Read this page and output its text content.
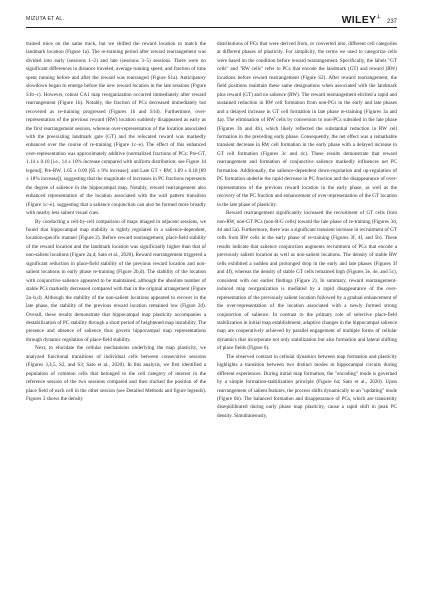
MIZUTA ET AL.	WILEY⊥
237

trained mice on the same track, but we shifted the reward location to match the landmark location (Figure 1a). The re-training period after reward rearrangement was divided into early (sessions 1–2) and late (sessions 3–5) sessions. There were no significant differences in distance traveled, average running speed, and fraction of time spent running before and after the reward was rearranged (Figure S1a). Anticipatory slowdown began to emerge before the new reward location in the late sessions (Figure S1b–c). However, robust CA1 map reorganization occurred immediately after reward rearrangement (Figure 1b). Notably, the fraction of PCs decreased immediately but recovered as re-training progressed (Figures 1b and S1d). Furthermore, over-representation of the previous reward (RW) location suddenly disappeared as early as the first rearrangement session, whereas over-representation of the location associated with the preexisting landmark gate (GT) and the relocated reward was markedly enhanced over the course of re-training (Figure 1c–e). The effect of this enhanced over-representation was approximately additive (normalized fractions of PCs: Pre-GT, 1.14 ± 0.10 [i.e., 14 ± 10% increase compared with uniform distribution; see Figure 1d legend]; Pre-RW, 1.65 ± 0.09 [65 ± 9% increase]; and Late GT + RW, 1.89 ± 0.18 [89 ± 18% increase]), suggesting that the magnitude of increases in PC fractions represents the degree of salience in the hippocampal map. Notably, reward rearrangement also enhanced representation of the location associated with the wall pattern transition (Figure 1c–e), suggesting that a salience conjunction can also be formed more broadly with nearby less salient visual cues.

By conducting a cell-by-cell comparison of maps imaged in adjacent sessions, we found that hippocampal map stability is tightly regulated in a salience-dependent, location-specific manner (Figure 2). Before reward rearrangement, place-field stability of the reward location and the landmark location was significantly higher than that of non-salient locations (Figure 2a,d; Sato et al., 2020). Reward rearrangement triggered a significant reduction in place-field stability of the previous reward location and non-salient locations in early phase re-training (Figure 2b,d). The stability of the location with conjunctive salience appeared to be maintained, although the absolute number of stable PCs markedly decreased compared with that in the original arrangement (Figure 2a–b,d). Although the stability of the non-salient locations appeared to recover in the late phase, the stability of the previous reward location remained low (Figure 2d). Overall, these results demonstrate that hippocampal map plasticity accompanies a destabilization of PC stability through a short period of heightened map instability. The presence and absence of salience thus govern hippocampal map representations through dynamic regulation of place-field stability.

Next, to elucidate the cellular mechanisms underlying the map plasticity, we analyzed functional transitions of individual cells between consecutive sessions (Figures 3,4,5, S2, and S3; Sato et al., 2020). In this analysis, we first identified a population of common cells that belonged to the cell category of interest in the reference session of the two sessions compared and then tracked the position of the place field of each cell in the other session (see Detailed Methods and figure legends). Figures 3 shows the density

distributions of PCs that were derived from, or converted into, different cell categories at different phases of plasticity. For simplicity, the terms we used to categorize cells were based on the condition before reward rearrangement. Specifically, the labels "GT cells" and "RW cells" refer to PCs that encode the landmark (GT) and reward (RW) locations before reward rearrangement (Figure S2). After reward rearrangement, the field positions maintain these same designations when associated with the landmark plus reward (GT) and no salience (RW). The reward rearrangement elicited a rapid and sustained reduction in RW cell formation from non-PCs in the early and late phases and a delayed increase in GT cell formation in late phase re-training (Figures 3a and 4a). The elimination of RW cells by conversion to non-PCs subsided in the late phase (Figures 3b and 4b), which likely reflected the substantial reduction in RW cell formation in the preceding early phase. Consequently, the net effect was a remarkable transient decrease in RW cell formation in the early phase with a delayed increase in GT cell formation (Figures 3c and 4c). These results demonstrate that reward rearrangement and formation of conjunctive salience markedly influences net PC formation. Additionally, the salience-dependent down-regulation and up-regulation of PC formation underlie the rapid decrease in PC fraction and the disappearance of over-representation of the previous reward location in the early phase, as well as the recovery of the PC fraction and enhancement of over-representation of the GT location in the late phase of plasticity.

Reward rearrangement significantly increased the recruitment of GT cells from non-RW, non-GT PCs (non-R/G cells) toward the late phase of re-training (Figures 3d, 4d and 5a). Furthermore, there was a significant transient increase in recruitment of GT cells from RW cells in the early phase of re-training (Figures 3f, 4f, and 5b). These results indicate that salience conjunction augments recruitment of PCs that encode a previously salient location as well as non-salient locations. The density of stable RW cells exhibited a sudden and prolonged drop in the early and late phases (Figures 3f and 4f), whereas the density of stable GT cells remained high (Figures 3e, 4e, and 5c), consistent with our earlier findings (Figure 2). In summary, reward rearrangement-induced map reorganization is mediated by a rapid disappearance of the over-representation of the previously salient location followed by a gradual enhancement of the over-representation of the location associated with a newly formed strong conjunction of salience. In contrast to the primary role of selective place-field stabilization in initial map establishment, adaptive changes in the hippocampal salience map are cooperatively achieved by parallel engagement of multiple forms of cellular dynamics that incorporate not only stabilization but also formation and lateral shifting of place fields (Figure 6).

The observed contrast in cellular dynamics between map formation and plasticity highlights a transition between two distinct modes in hippocampal circuits during different experiences. During initial map formation, the "encoding" mode is governed by a simple formation-stabilization principle (Figure 6a; Sato et al., 2020). Upon rearrangement of salient features, the process shifts dynamically to an "updating" mode (Figure 6b). The balanced formation and disappearance of PCs, which are transiently disequilibrated during early phase map plasticity, cause a rapid shift in peak PC density. Simultaneously,
